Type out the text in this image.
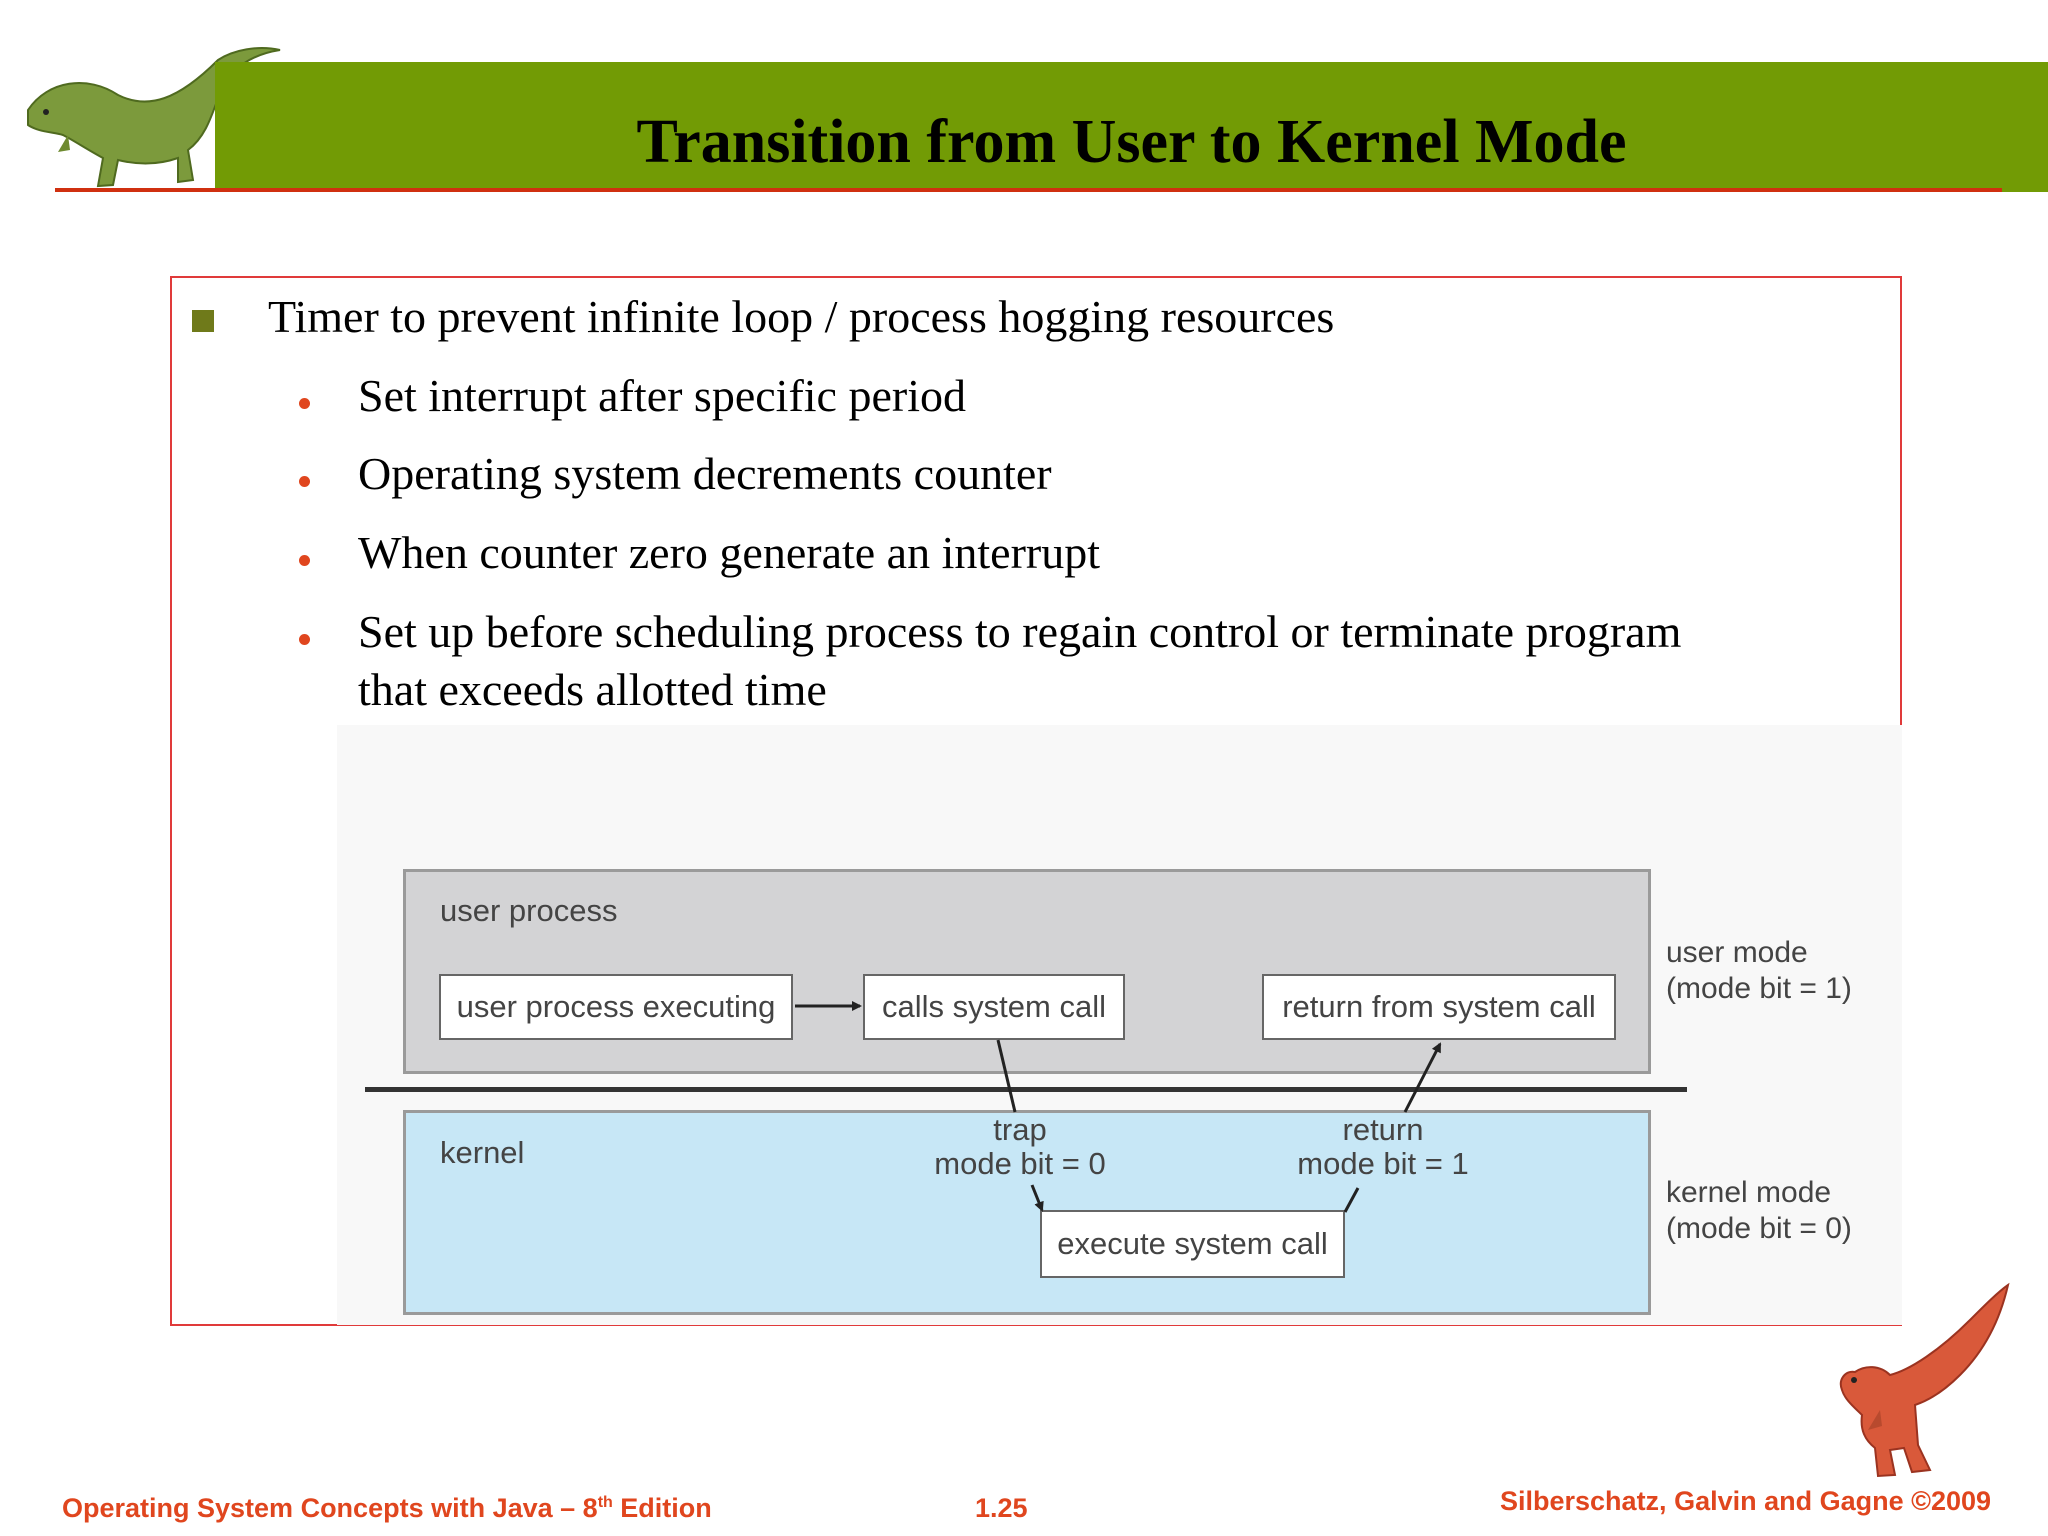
Transition from User to Kernel Mode
Timer to prevent infinite loop / process hogging resources
Set interrupt after specific period
Operating system decrements counter
When counter zero generate an interrupt
Set up before scheduling process to regain control or terminate program
that exceeds allotted time
user process
kernel
user process executing	calls system call	return from system call
execute system call
trap
mode bit = 0
return
mode bit = 1
user mode
(mode bit = 1)
kernel mode
(mode bit = 0)
Operating System Concepts with Java – 8th Edition	1.25	Silberschatz, Galvin and Gagne ©2009
